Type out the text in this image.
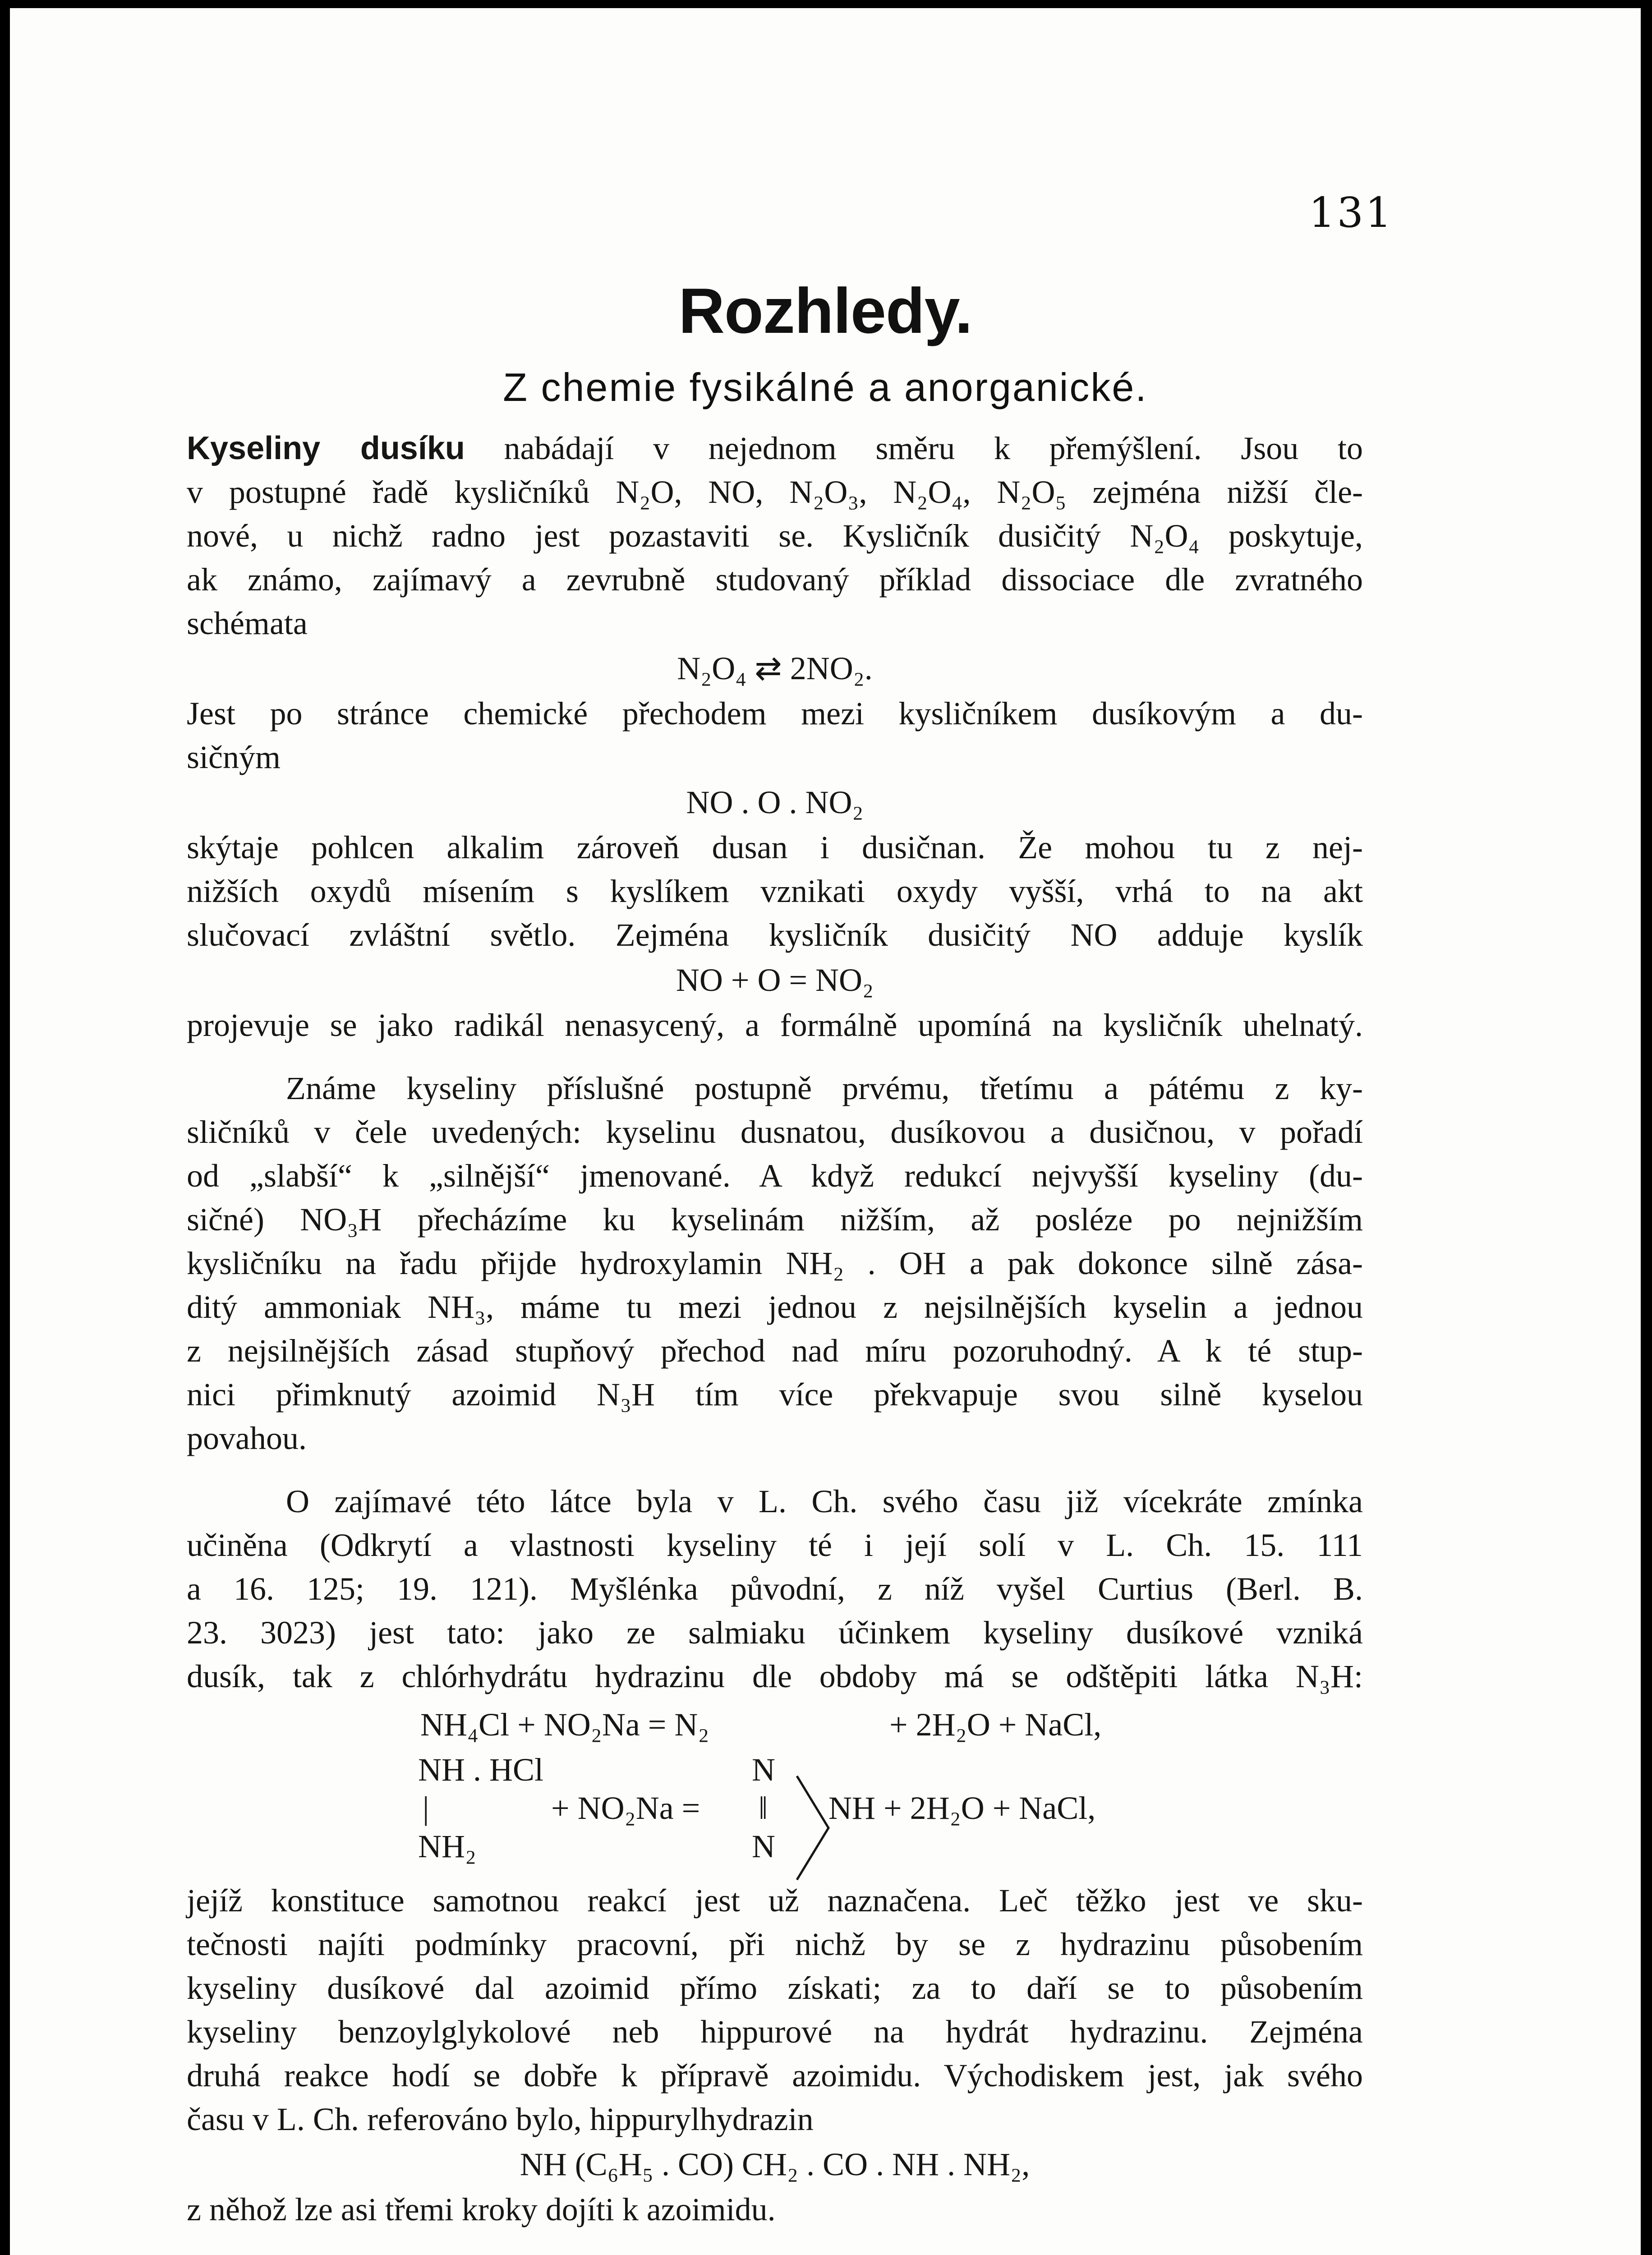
131
Rozhledy.
Z chemie fysikálné a anorganické.
Kyseliny dusíku nabádají v nejednom směru k přemýšlení. Jsou to
v postupné řadě kysličníků N₂O, NO, N₂O₃, N₂O₄, N₂O₅ zejména nižší čle-
nové, u nichž radno jest pozastaviti se. Kysličník dusičitý N₂O₄ poskytuje,
ak známo, zajímavý a zevrubně studovaný příklad dissociace dle zvratného
schémata
N₂O₄ ⇄ 2NO₂.
Jest po stránce chemické přechodem mezi kysličníkem dusíkovým a du-
sičným
NO . O . NO₂
skýtaje pohlcen alkalim zároveň dusan i dusičnan. Že mohou tu z nej-
nižších oxydů mísením s kyslíkem vznikati oxydy vyšší, vrhá to na akt
slučovací zvláštní světlo. Zejména kysličník dusičitý NO adduje kyslík
NO + O = NO₂
projevuje se jako radikál nenasycený, a formálně upomíná na kysličník uhelnatý.
Známe kyseliny příslušné postupně prvému, třetímu a pátému z ky-
sličníků v čele uvedených: kyselinu dusnatou, dusíkovou a dusičnou, v pořadí
od „slabší“ k „silnější“ jmenované. A když redukcí nejvyšší kyseliny (du-
sičné) NO₃H přecházíme ku kyselinám nižším, až posléze po nejnižším
kysličníku na řadu přijde hydroxylamin NH₂ . OH a pak dokonce silně zása-
ditý ammoniak NH₃, máme tu mezi jednou z nejsilnějších kyselin a jednou
z nejsilnějších zásad stupňový přechod nad míru pozoruhodný. A k té stup-
nici přimknutý azoimid N₃H tím více překvapuje svou silně kyselou
povahou.
O zajímavé této látce byla v L. Ch. svého času již vícekráte zmínka
učiněna (Odkrytí a vlastnosti kyseliny té i její solí v L. Ch. 15. 111
a 16. 125; 19. 121). Myšlénka původní, z níž vyšel Curtius (Berl. B.
23. 3023) jest tato: jako ze salmiaku účinkem kyseliny dusíkové vzniká
dusík, tak z chlórhydrátu hydrazinu dle obdoby má se odštěpiti látka N₃H:
NH₄Cl + NO₂Na = N₂	+ 2H₂O + NaCl,
NH . HCl
|
NH₂
+ NO₂Na =
N
‖
N
NH + 2H₂O + NaCl,
jejíž konstituce samotnou reakcí jest už naznačena. Leč těžko jest ve sku-
tečnosti najíti podmínky pracovní, při nichž by se z hydrazinu působením
kyseliny dusíkové dal azoimid přímo získati; za to daří se to působením
kyseliny benzoylglykolové neb hippurové na hydrát hydrazinu. Zejména
druhá reakce hodí se dobře k přípravě azoimidu. Východiskem jest, jak svého
času v L. Ch. referováno bylo, hippurylhydrazin
NH (C₆H₅ . CO) CH₂ . CO . NH . NH₂,
z něhož lze asi třemi kroky dojíti k azoimidu.
